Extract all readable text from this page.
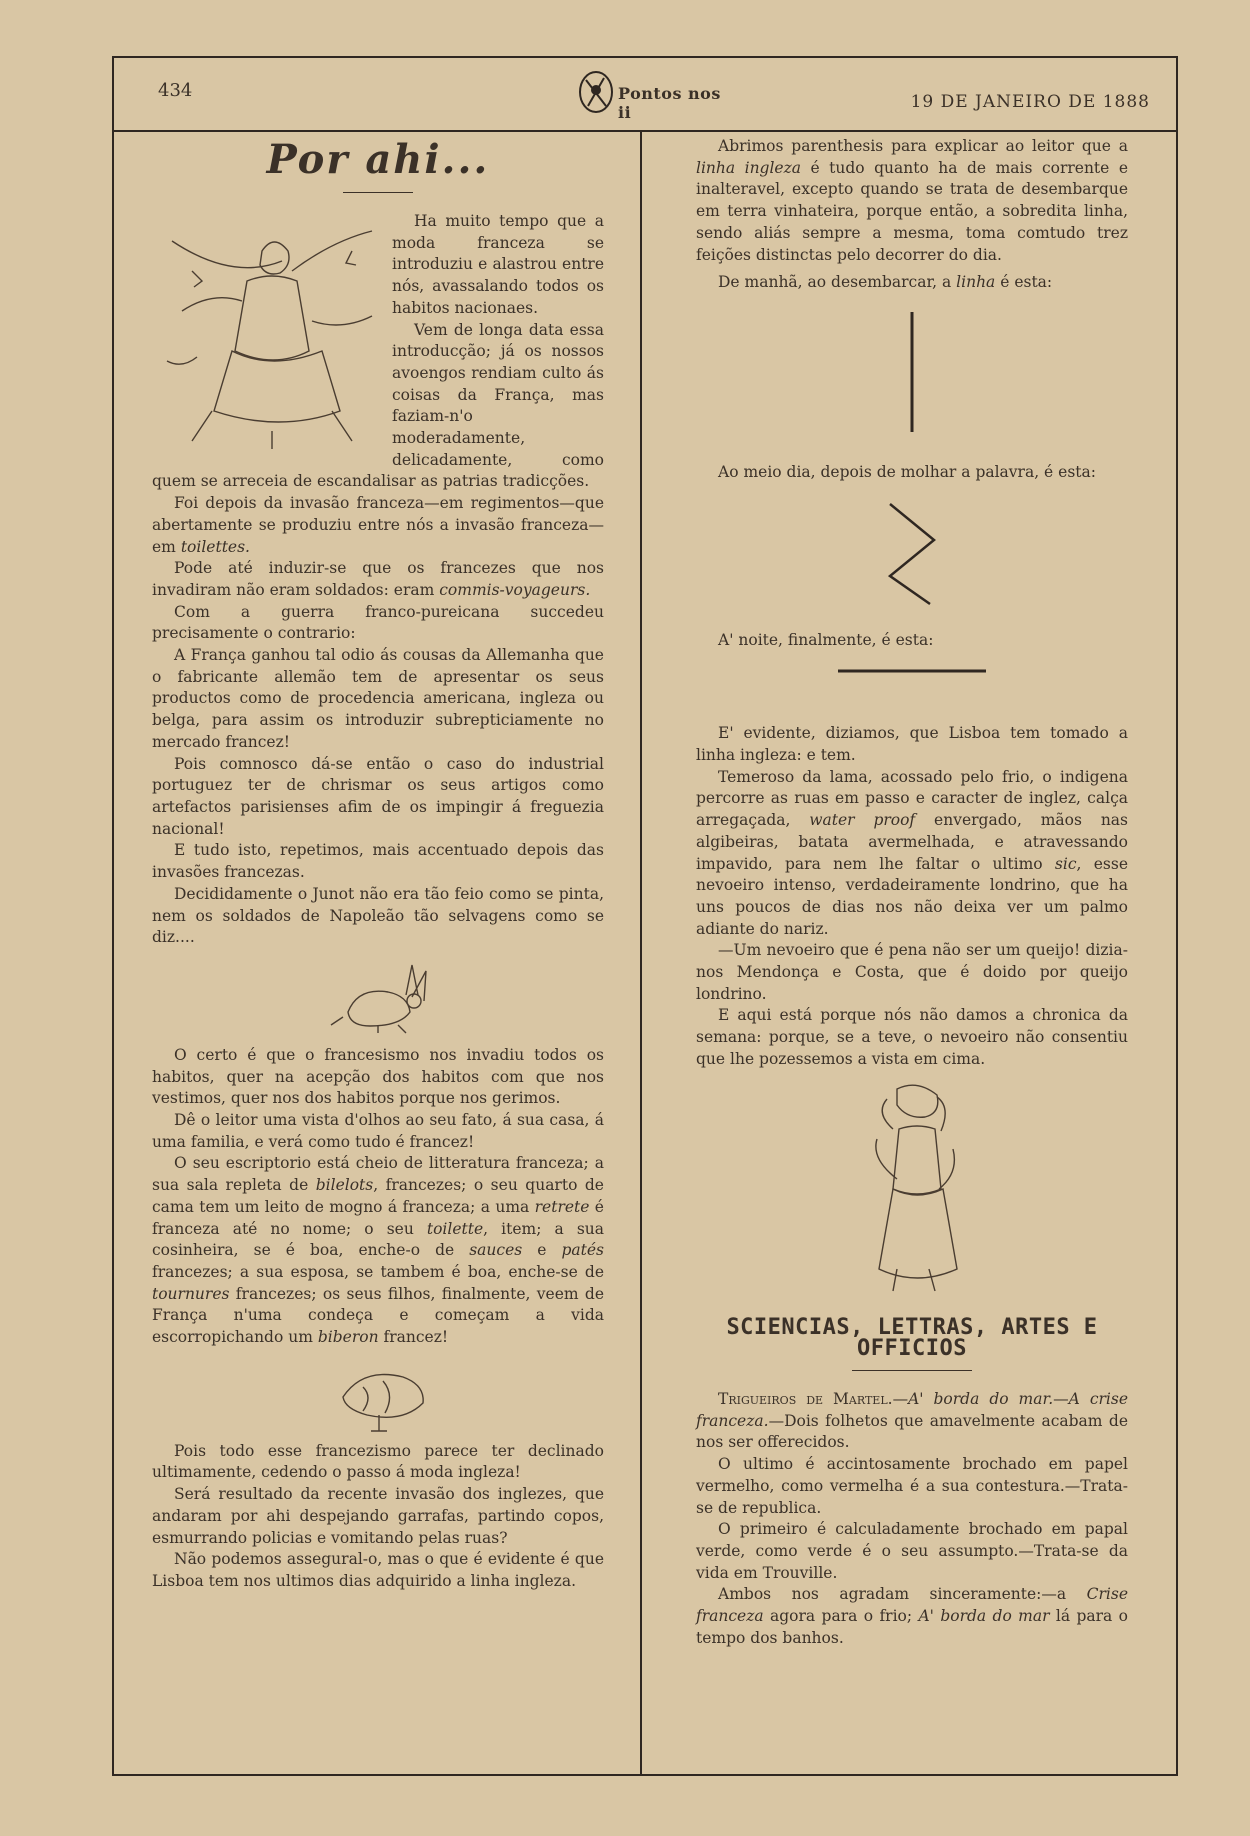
434	Pontos nos ii
19 DE JANEIRO DE 1888
Por ahi...

Ha muito tempo que a moda franceza se introduziu e alastrou entre nós, avassalando todos os habitos nacionaes.

Vem de longa data essa introducção; já os nossos avoengos rendiam culto ás coisas da França, mas faziam-n'o moderadamente, delicadamente, como quem se arreceia de escandalisar as patrias tradicções.

Foi depois da invasão franceza—em regimentos—que abertamente se produziu entre nós a invasão franceza— em toilettes.

Pode até induzir-se que os francezes que nos invadiram não eram soldados: eram commis-voyageurs.

Com a guerra franco-pureicana succedeu precisamente o contrario:

A França ganhou tal odio ás cousas da Allemanha que o fabricante allemão tem de apresentar os seus productos como de procedencia americana, ingleza ou belga, para assim os introduzir subrepticiamente no mercado francez!

Pois comnosco dá-se então o caso do industrial portuguez ter de chrismar os seus artigos como artefactos parisienses afim de os impingir á freguezia nacional!

E tudo isto, repetimos, mais accentuado depois das invasões francezas.

Decididamente o Junot não era tão feio como se pinta, nem os soldados de Napoleão tão selvagens como se diz....

O certo é que o francesismo nos invadiu todos os habitos, quer na acepção dos habitos com que nos vestimos, quer nos dos habitos porque nos gerimos.

Dê o leitor uma vista d'olhos ao seu fato, á sua casa, á uma familia, e verá como tudo é francez!

O seu escriptorio está cheio de litteratura franceza; a sua sala repleta de bilelots, francezes; o seu quarto de cama tem um leito de mogno á franceza; a uma retrete é franceza até no nome; o seu toilette, item; a sua cosinheira, se é boa, enche-o de sauces e patés francezes; a sua esposa, se tambem é boa, enche-se de tournures francezes; os seus filhos, finalmente, veem de França n'uma condeça e começam a vida escorropichando um biberon francez!

Pois todo esse francezismo parece ter declinado ultimamente, cedendo o passo á moda ingleza!

Será resultado da recente invasão dos inglezes, que andaram por ahi despejando garrafas, partindo copos, esmurrando policias e vomitando pelas ruas?

Não podemos assegural-o, mas o que é evidente é que Lisboa tem nos ultimos dias adquirido a linha ingleza.

Abrimos parenthesis para explicar ao leitor que a linha ingleza é tudo quanto ha de mais corrente e inalteravel, excepto quando se trata de desembarque em terra vinhateira, porque então, a sobredita linha, sendo aliás sempre a mesma, toma comtudo trez feições distinctas pelo decorrer do dia.

De manhã, ao desembarcar, a linha é esta:

Ao meio dia, depois de molhar a palavra, é esta:

A' noite, finalmente, é esta:

E' evidente, diziamos, que Lisboa tem tomado a linha ingleza: e tem.

Temeroso da lama, acossado pelo frio, o indigena percorre as ruas em passo e caracter de inglez, calça arregaçada, water proof envergado, mãos nas algibeiras, batata avermelhada, e atravessando impavido, para nem lhe faltar o ultimo sic, esse nevoeiro intenso, verdadeiramente londrino, que ha uns poucos de dias nos não deixa ver um palmo adiante do nariz.

—Um nevoeiro que é pena não ser um queijo! dizia-nos Mendonça e Costa, que é doido por queijo londrino.

E aqui está porque nós não damos a chronica da semana: porque, se a teve, o nevoeiro não consentiu que lhe pozessemos a vista em cima.

SCIENCIAS, LETTRAS, ARTES E OFFICIOS

Trigueiros de Martel.—A' borda do mar.—A crise franceza.—Dois folhetos que amavelmente acabam de nos ser offerecidos.

O ultimo é accintosamente brochado em papel vermelho, como vermelha é a sua contestura.—Trata-se de republica.

O primeiro é calculadamente brochado em papal verde, como verde é o seu assumpto.—Trata-se da vida em Trouville.

Ambos nos agradam sinceramente:—a Crise franceza agora para o frio; A' borda do mar lá para o tempo dos banhos.
